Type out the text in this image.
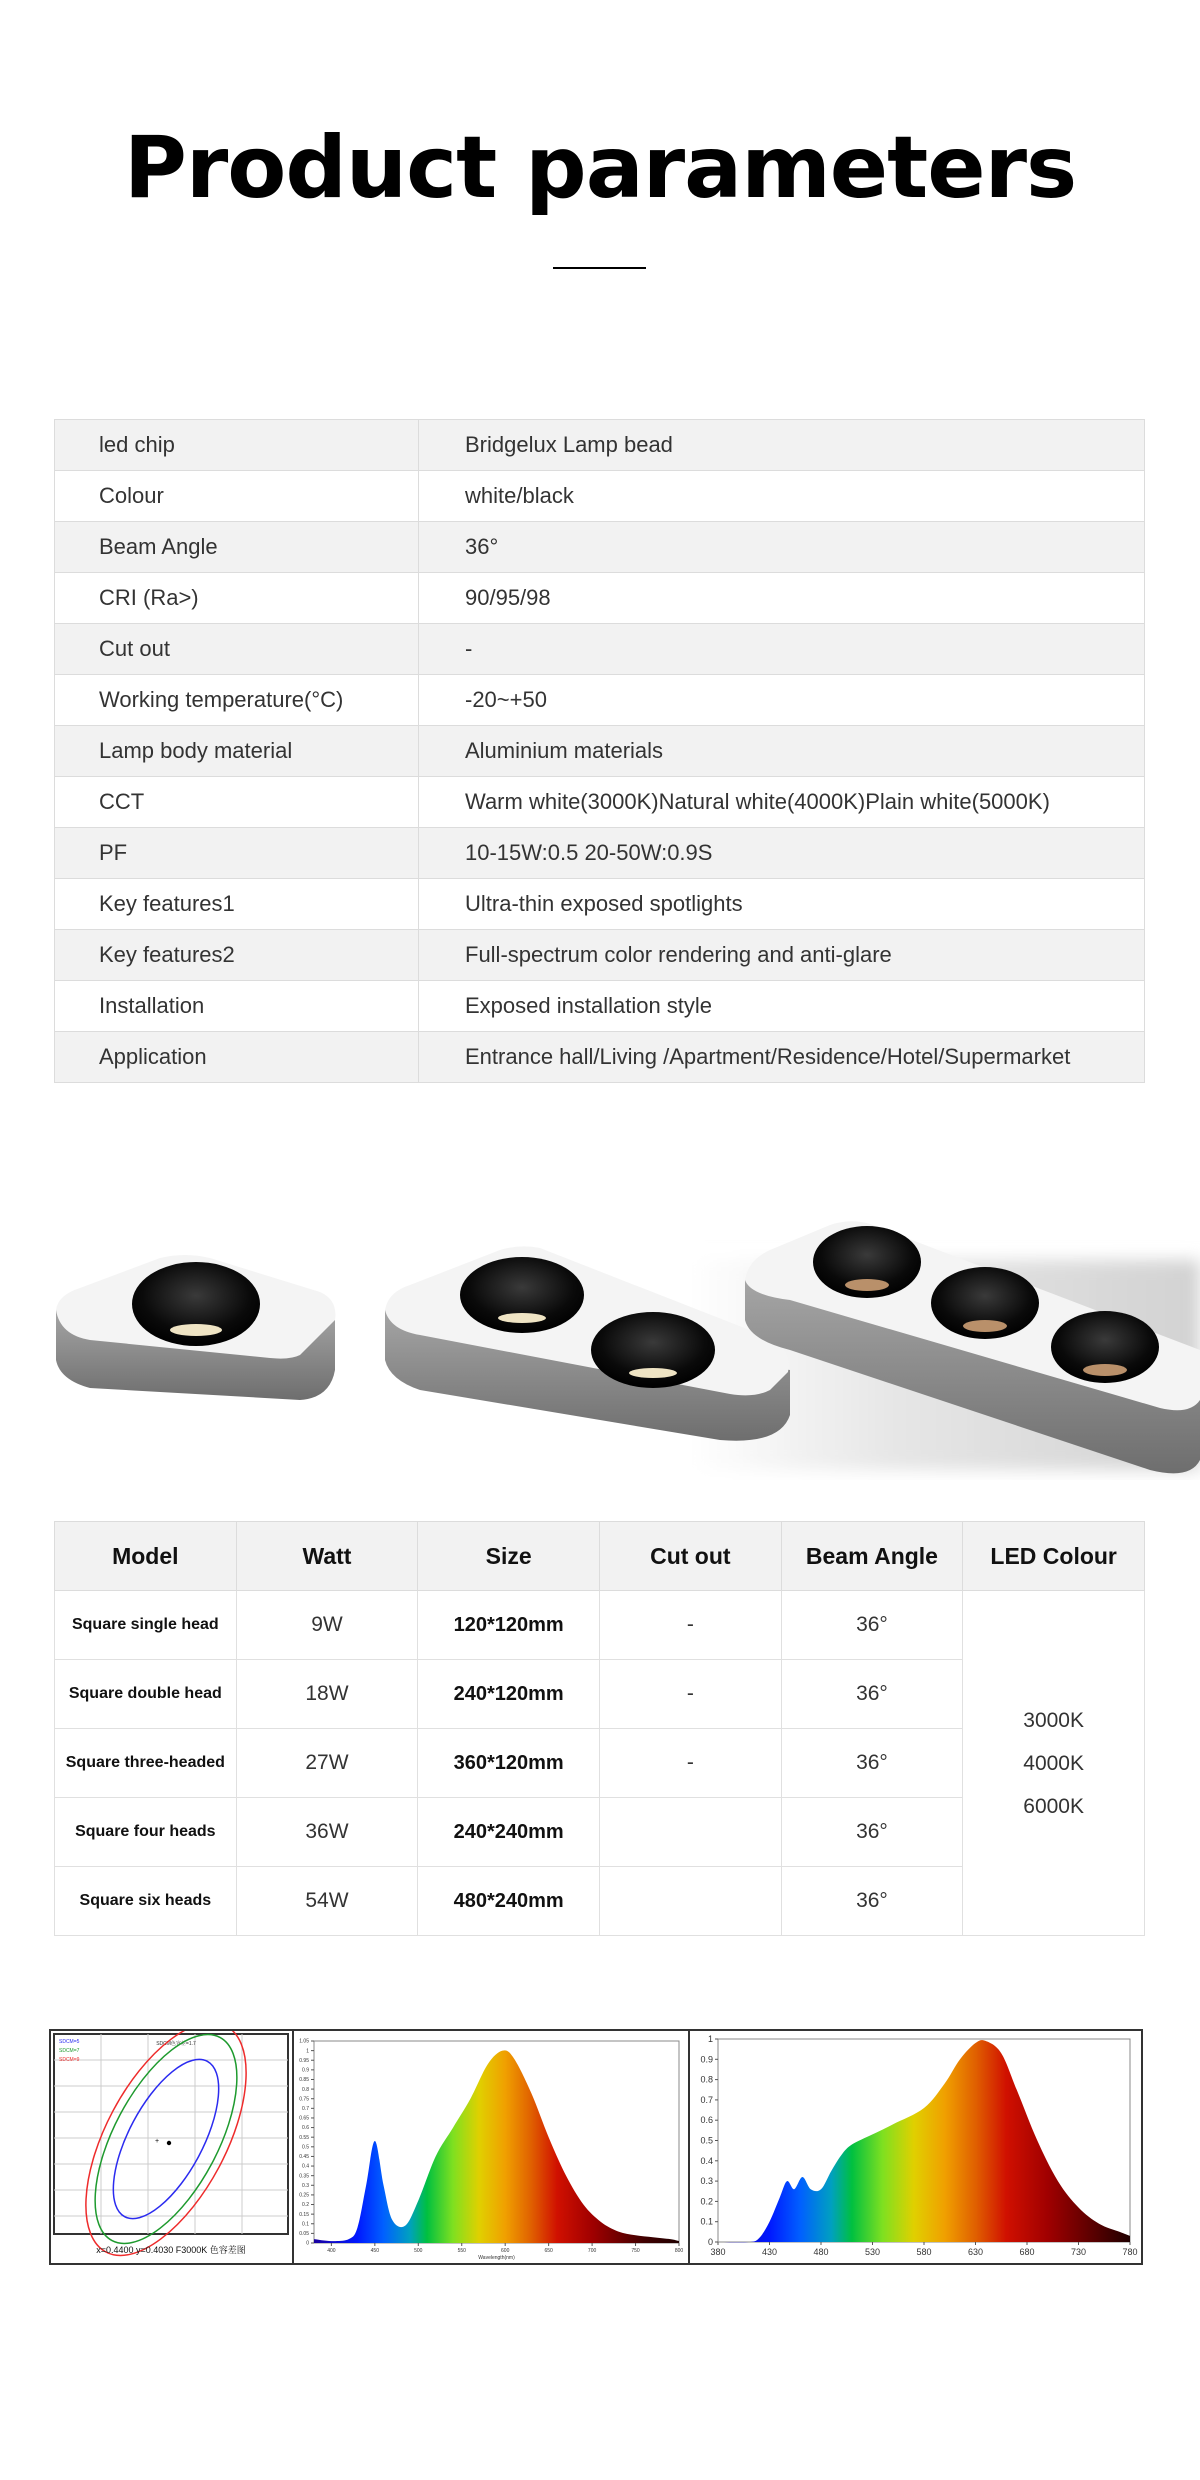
Product parameters
led chip	Bridgelux Lamp bead
Colour	white/black
Beam Angle	36°
CRI (Ra>)	90/95/98
Cut out	-
Working temperature(°C)	-20~+50
Lamp body material	Aluminium materials
CCT	Warm white(3000K)Natural white(4000K)Plain white(5000K)
PF	10-15W:0.5 20-50W:0.9S
Key features1	Ultra-thin exposed spotlights
Key features2	Full-spectrum color rendering and anti-glare
Installation	Exposed installation style
Application	Entrance hall/Living /Apartment/Residence/Hotel/Supermarket
Model	Watt	Size	Cut out	Beam Angle	LED Colour
Square single head	9W	120*120mm	-	36°	3000K
4000K
6000K

Square double head	18W	240*120mm	-	36°	
Square three-headed	27W	360*120mm	-	36°	
Square four heads	36W	240*240mm		36°	
Square six heads	54W	480*240mm		36°	
SDCM色容差=1.7
SDCM=5
SDCM=7
SDCM=9
+
x=0.4400 y=0.4030 F3000K 色容差图	400	450	500	550	600	650	700	750	800
0
0.05
0.1
0.15
0.2
0.25
0.3
0.35
0.4
0.45
0.5
0.55
0.6
0.65
0.7
0.75
0.8
0.85
0.9
0.95
1
1.05
Wavelength(nm)
380	430	480	530	580	630	680	730	780
0
0.1
0.2
0.3
0.4
0.5
0.6
0.7
0.8
0.9
1
